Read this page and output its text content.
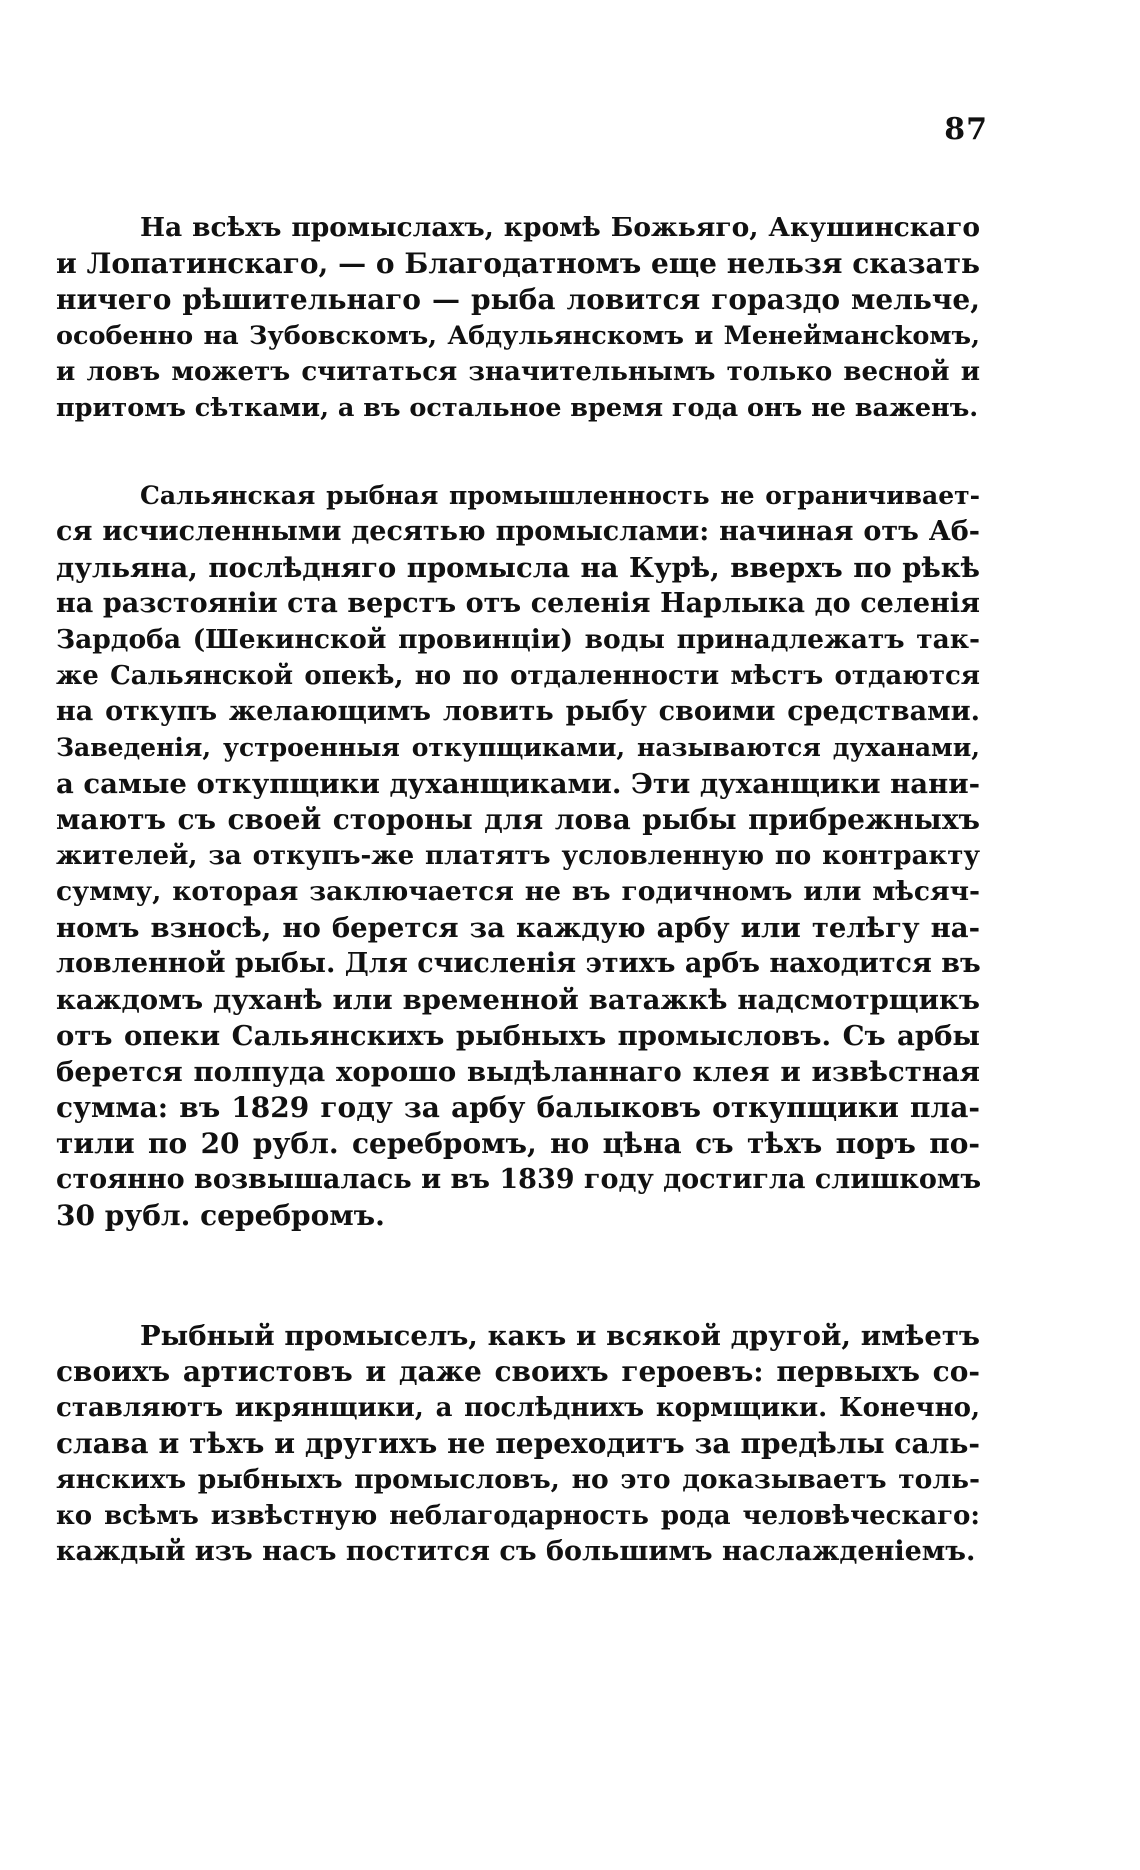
87
На всѣхъ промыслахъ, кромѣ Божьяго, Акушинскаго
и Лопатинскаго, — о Благодатномъ еще нельзя сказать
ничего рѣшительнаго — рыба ловится гораздо мельче,
особенно на Зубовскомъ, Абдульянскомъ и Менеймансkомъ,
и ловъ можетъ считаться значительнымъ только весной и
притомъ сѣтками, а въ остальное время года онъ не важенъ.
Сальянская рыбная промышленность не ограничивает-
ся исчисленными десятью промыслами: начиная отъ Аб-
дульяна, послѣдняго промысла на Курѣ, вверхъ по рѣкѣ
на разстояніи ста верстъ отъ селенія Нарлыка до селенія
Зардоба (Шекинской провинціи) воды принадлежатъ так-
же Сальянской опекѣ, но по отдаленности мѣстъ отдаются
на откупъ желающимъ ловить рыбу своими средствами.
Заведенія, устроенныя откупщиками, называются духанами,
а самые откупщики духанщиками. Эти духанщики нани-
маютъ съ своей стороны для лова рыбы прибрежныхъ
жителей, за откупъ-же платятъ условленную по контракту
сумму, которая заключается не въ годичномъ или мѣсяч-
номъ взносѣ, но берется за каждую арбу или телѣгу на-
ловленной рыбы. Для счисленія этихъ арбъ находится въ
каждомъ духанѣ или временной ватажкѣ надсмотрщикъ
отъ опеки Сальянскихъ рыбныхъ промысловъ. Съ арбы
берется полпуда хорошо выдѣланнаго клея и извѣстная
сумма: въ 1829 году за арбу балыковъ откупщики пла-
тили по 20 рубл. серебромъ, но цѣна съ тѣхъ поръ по-
стоянно возвышалась и въ 1839 году достигла слишкомъ
30 рубл. серебромъ.
Рыбный промыселъ, какъ и всякой другой, имѣетъ
своихъ артистовъ и даже своихъ героевъ: первыхъ со-
ставляютъ икрянщики, а послѣднихъ кормщики. Конечно,
слава и тѣхъ и другихъ не переходитъ за предѣлы саль-
янскихъ рыбныхъ промысловъ, но это доказываетъ толь-
ко всѣмъ извѣстную неблагодарность рода человѣческаго:
каждый изъ насъ постится съ большимъ наслажденіемъ.
